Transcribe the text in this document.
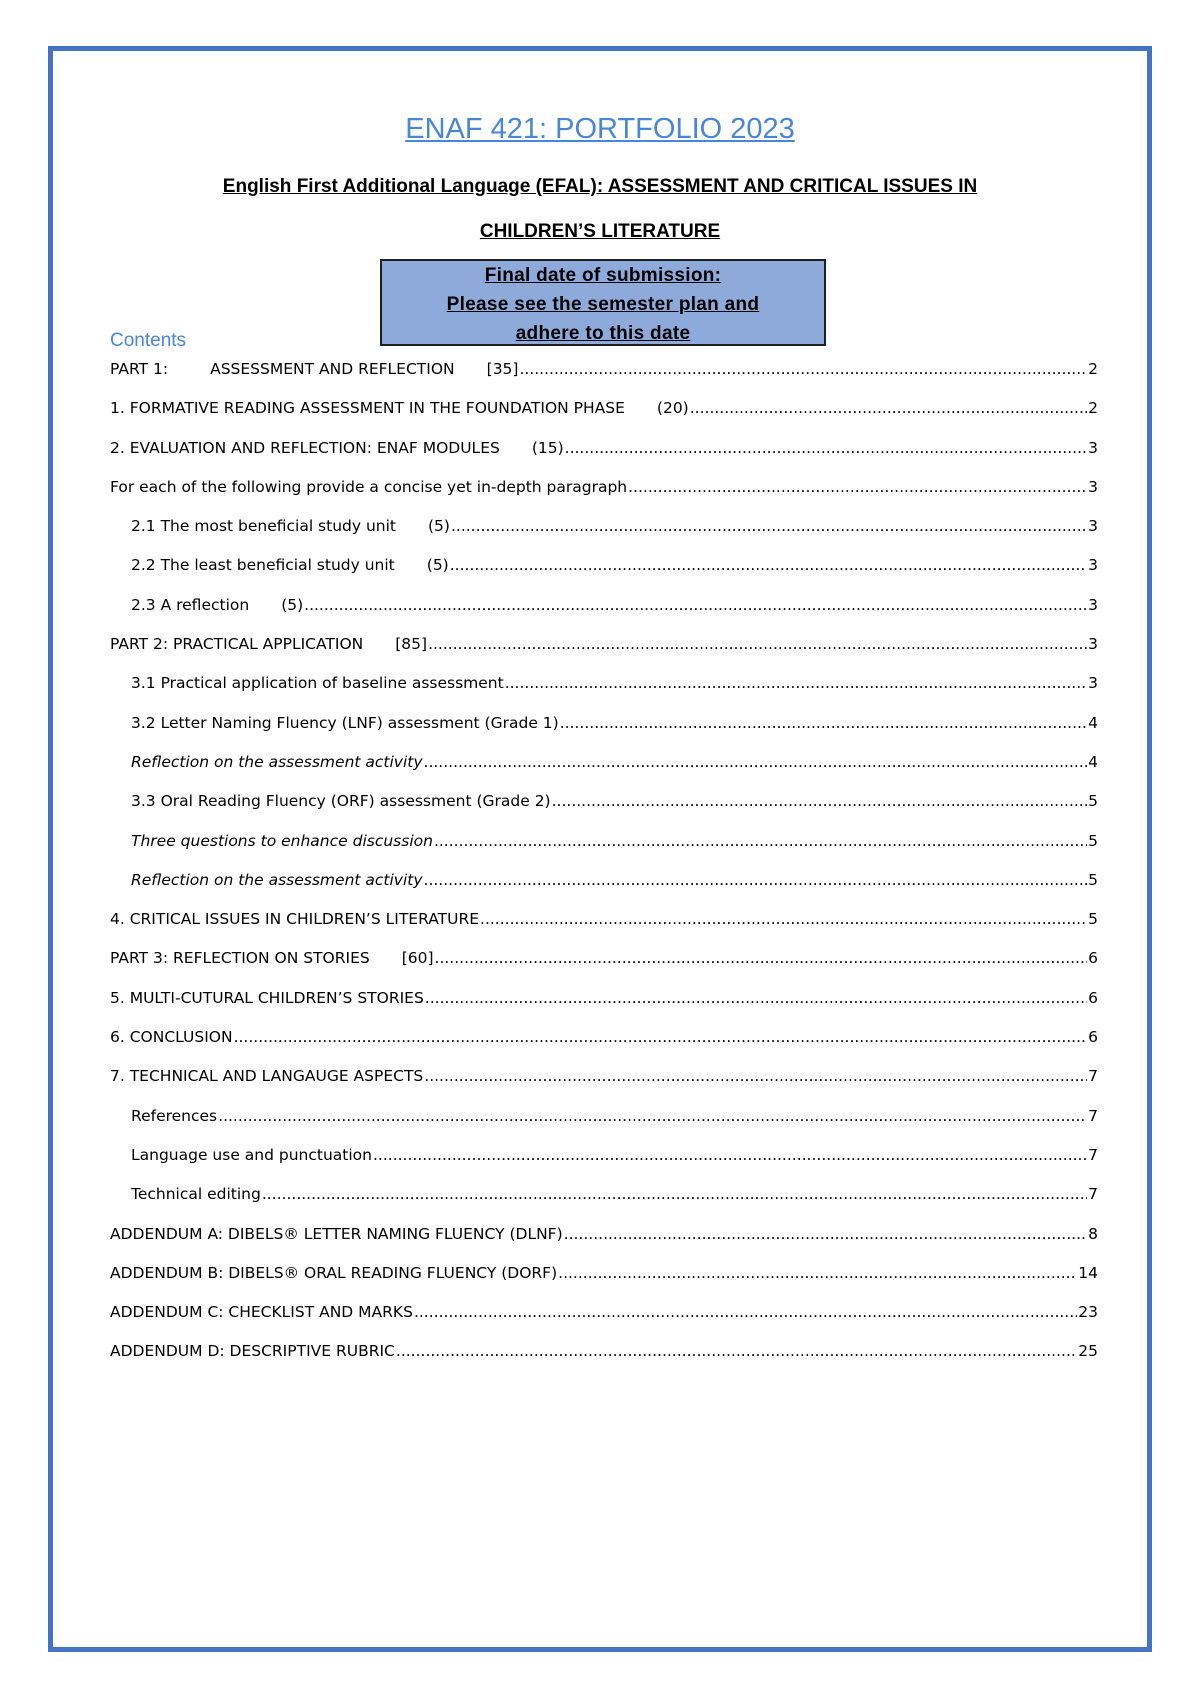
ENAF 421: PORTFOLIO 2023
English First Additional Language (EFAL): ASSESSMENT AND CRITICAL ISSUES IN
CHILDREN’S LITERATURE
Final date of submission:
Please see the semester plan and
adhere to this date
Contents
PART 1:	ASSESSMENT AND REFLECTION [35] .....	2
1. FORMATIVE READING ASSESSMENT IN THE FOUNDATION PHASE (20) .....	2
2. EVALUATION AND REFLECTION: ENAF MODULES (15) .....	3
For each of the following provide a concise yet in-depth paragraph .....	3
2.1 The most beneficial study unit (5) .....	3
2.2 The least beneficial study unit (5) .....	3
2.3 A reflection (5) .....	3
PART 2: PRACTICAL APPLICATION [85] .....	3
3.1 Practical application of baseline assessment .....	3
3.2 Letter Naming Fluency (LNF) assessment (Grade 1) .....	4
Reflection on the assessment activity .....	4
3.3 Oral Reading Fluency (ORF) assessment (Grade 2) .....	5
Three questions to enhance discussion .....	5
Reflection on the assessment activity .....	5
4. CRITICAL ISSUES IN CHILDREN’S LITERATURE .....	5
PART 3: REFLECTION ON STORIES [60] .....	6
5. MULTI-CUTURAL CHILDREN’S STORIES .....	6
6. CONCLUSION .....	6
7. TECHNICAL AND LANGAUGE ASPECTS .....	7
References .....	7
Language use and punctuation .....	7
Technical editing .....	7
ADDENDUM A: DIBELS® LETTER NAMING FLUENCY (DLNF) .....	8
ADDENDUM B: DIBELS® ORAL READING FLUENCY (DORF) .....	14
ADDENDUM C: CHECKLIST AND MARKS .....	23
ADDENDUM D: DESCRIPTIVE RUBRIC .....	25
